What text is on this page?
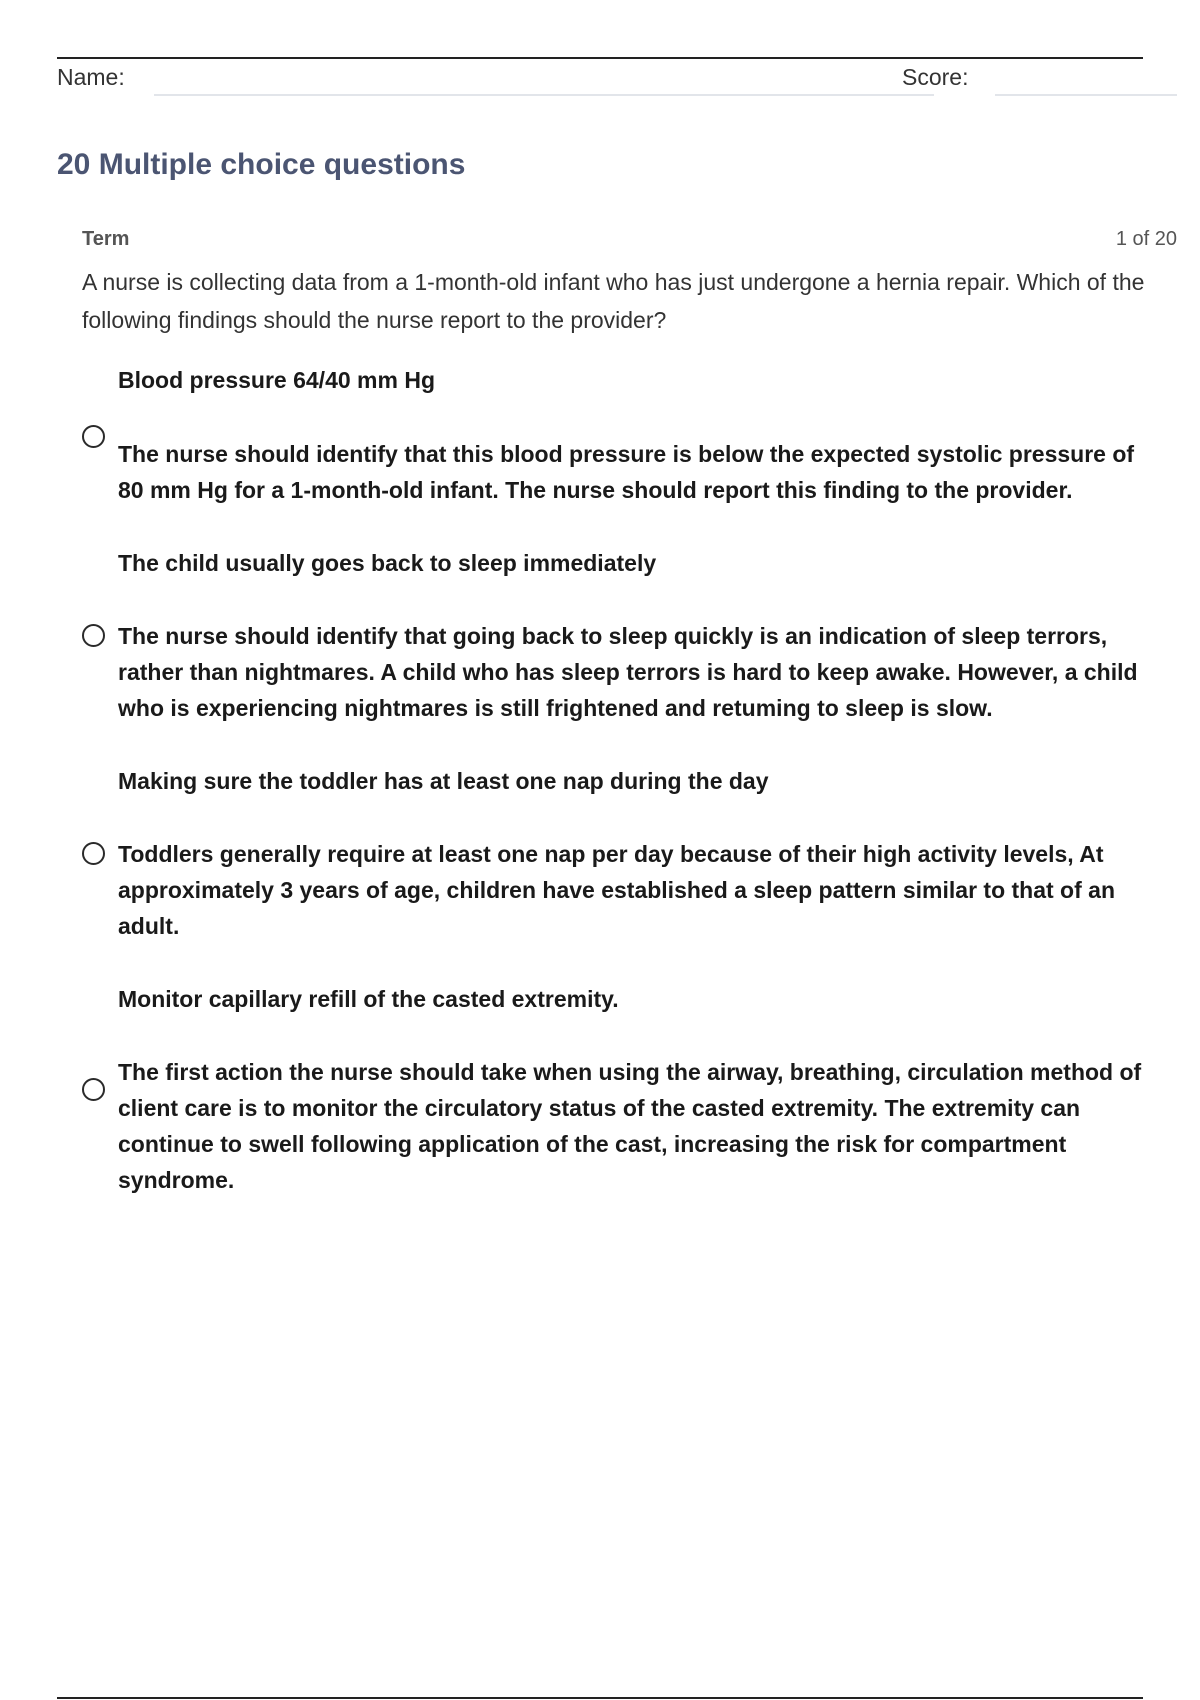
Name:	Score:
20 Multiple choice questions
Term	1 of 20
A nurse is collecting data from a 1-month-old infant who has just undergone a hernia repair. Which of the following findings should the nurse report to the provider?
Blood pressure 64/40 mm Hg
The nurse should identify that this blood pressure is below the expected systolic pressure of 80 mm Hg for a 1-month-old infant. The nurse should report this finding to the provider.
The child usually goes back to sleep immediately
The nurse should identify that going back to sleep quickly is an indication of sleep terrors, rather than nightmares. A child who has sleep terrors is hard to keep awake. However, a child who is experiencing nightmares is still frightened and retuming to sleep is slow.
Making sure the toddler has at least one nap during the day
Toddlers generally require at least one nap per day because of their high activity levels, At approximately 3 years of age, children have established a sleep pattern similar to that of an adult.
Monitor capillary refill of the casted extremity.
The first action the nurse should take when using the airway, breathing, circulation method of client care is to monitor the circulatory status of the casted extremity. The extremity can continue to swell following application of the cast, increasing the risk for compartment syndrome.
